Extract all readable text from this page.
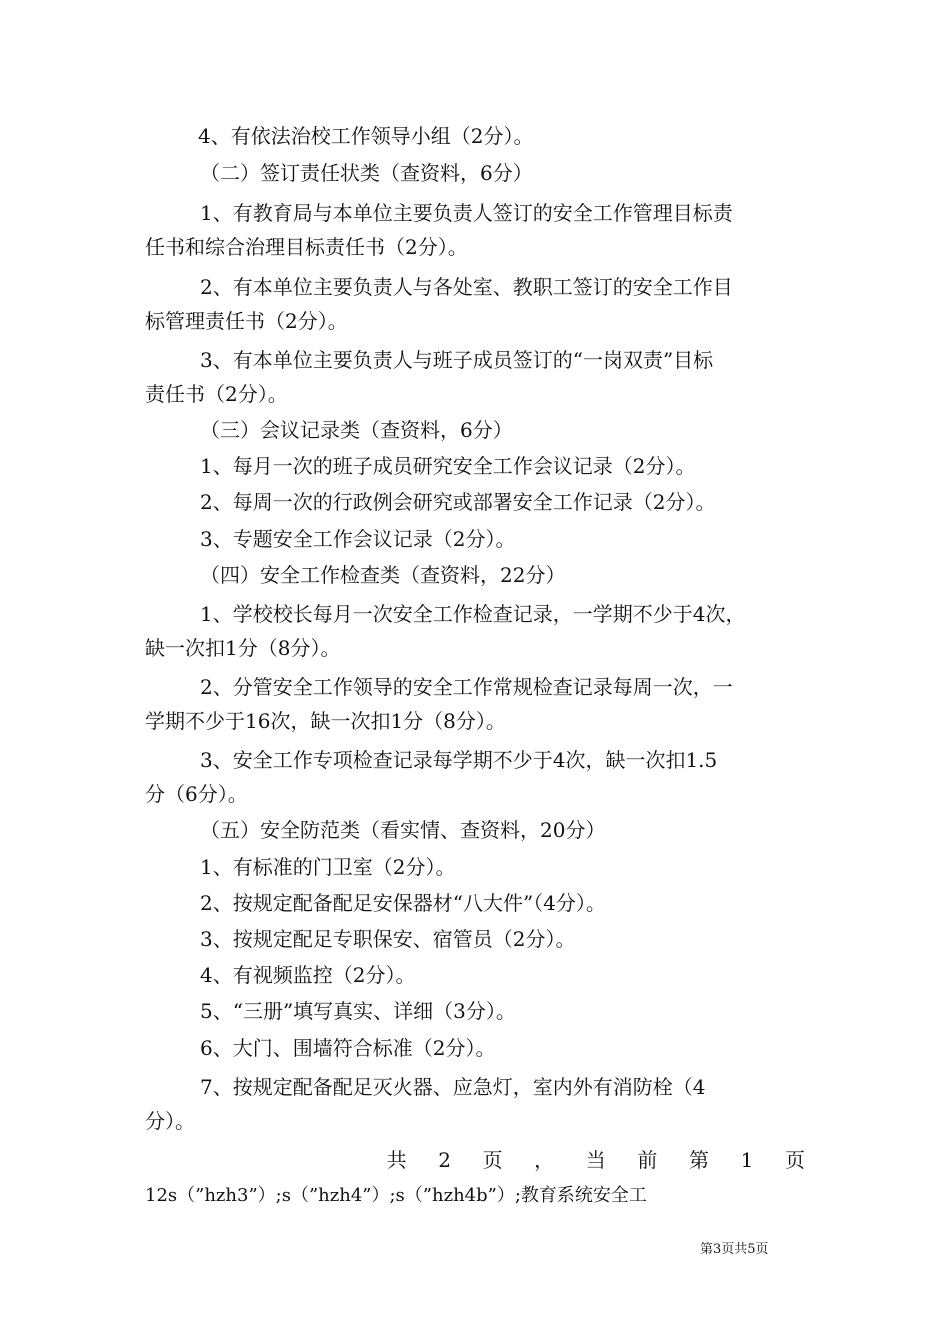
4、有依法治校工作领导小组（2分）。
（二）签订责任状类（查资料，6分）
1、有教育局与本单位主要负责人签订的安全工作管理目标责
任书和综合治理目标责任书（2分）。
2、有本单位主要负责人与各处室、教职工签订的安全工作目
标管理责任书（2分）。
3、有本单位主要负责人与班子成员签订的“一岗双责”目标
责任书（2分）。
（三）会议记录类（查资料，6分）
1、每月一次的班子成员研究安全工作会议记录（2分）。
2、每周一次的行政例会研究或部署安全工作记录（2分）。
3、专题安全工作会议记录（2分）。
（四）安全工作检查类（查资料，22分）
1、学校校长每月一次安全工作检查记录，一学期不少于4次，
缺一次扣1分（8分）。
2、分管安全工作领导的安全工作常规检查记录每周一次，一
学期不少于16次，缺一次扣1分（8分）。
3、安全工作专项检查记录每学期不少于4次，缺一次扣1.5
分（6分）。
（五）安全防范类（看实情、查资料，20分）
1、有标准的门卫室（2分）。
2、按规定配备配足安保器材“八大件”（4分）。
3、按规定配足专职保安、宿管员（2分）。
4、有视频监控（2分）。
5、“三册”填写真实、详细（3分）。
6、大门、围墙符合标准（2分）。
7、按规定配备配足灭火器、应急灯，室内外有消防栓（4
分）。
共 2 页 ， 当 前 第 1 页
12s（”hzh3”）;s（”hzh4”）;s（”hzh4b”）;教育系统安全工
第3页共5页
